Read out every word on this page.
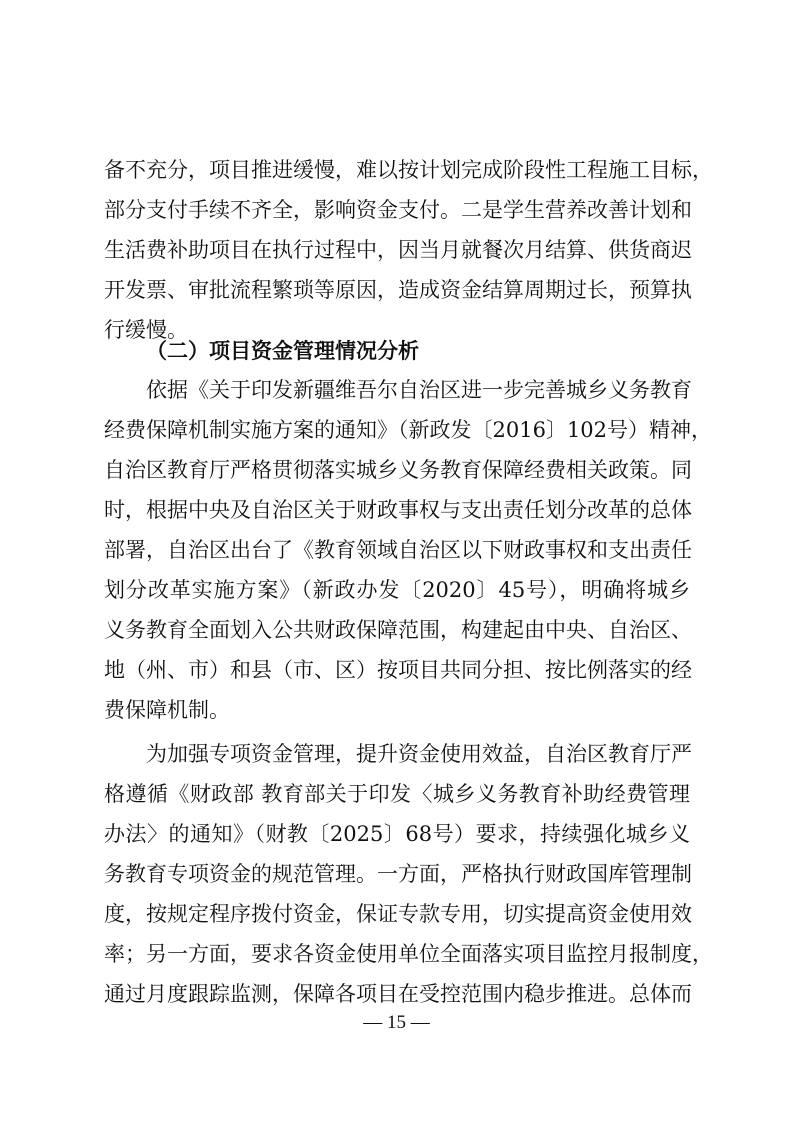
备不充分，项目推进缓慢，难以按计划完成阶段性工程施工目标，
部分支付手续不齐全，影响资金支付。二是学生营养改善计划和
生活费补助项目在执行过程中，因当月就餐次月结算、供货商迟
开发票、审批流程繁琐等原因，造成资金结算周期过长，预算执
行缓慢。
（二）项目资金管理情况分析
依据《关于印发新疆维吾尔自治区进一步完善城乡义务教育
经费保障机制实施方案的通知》（新政发〔2016〕102号）精神，
自治区教育厅严格贯彻落实城乡义务教育保障经费相关政策。同
时，根据中央及自治区关于财政事权与支出责任划分改革的总体
部署，自治区出台了《教育领域自治区以下财政事权和支出责任
划分改革实施方案》（新政办发〔2020〕45号），明确将城乡
义务教育全面划入公共财政保障范围，构建起由中央、自治区、
地（州、市）和县（市、区）按项目共同分担、按比例落实的经
费保障机制。
为加强专项资金管理，提升资金使用效益，自治区教育厅严
格遵循《财政部 教育部关于印发〈城乡义务教育补助经费管理
办法〉的通知》（财教〔2025〕68号）要求，持续强化城乡义
务教育专项资金的规范管理。一方面，严格执行财政国库管理制
度，按规定程序拨付资金，保证专款专用，切实提高资金使用效
率；另一方面，要求各资金使用单位全面落实项目监控月报制度，
通过月度跟踪监测，保障各项目在受控范围内稳步推进。总体而
— 15 —
